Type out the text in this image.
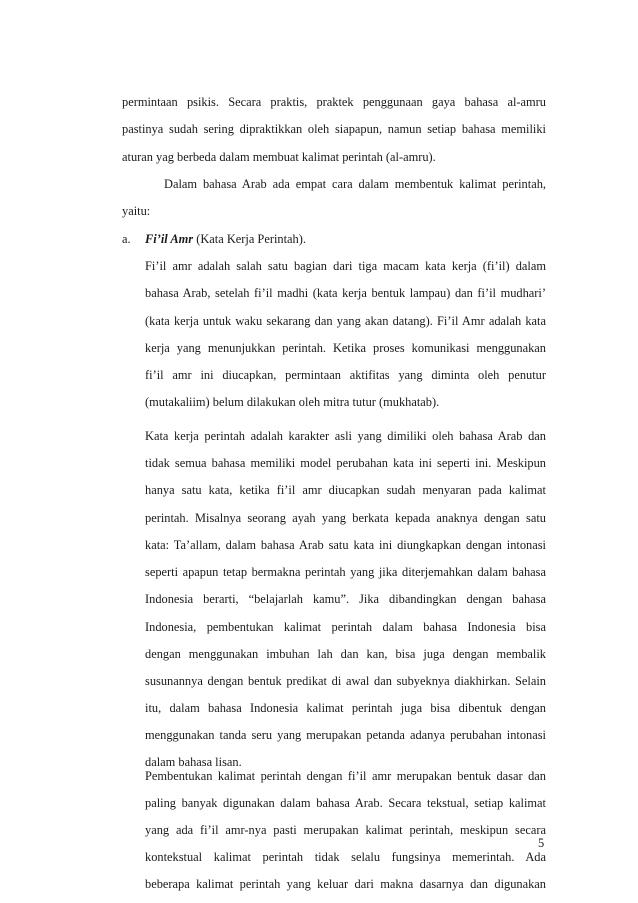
permintaan psikis. Secara praktis, praktek penggunaan gaya bahasa al-amru
pastinya sudah sering dipraktikkan oleh siapapun, namun setiap bahasa memiliki
aturan yag berbeda dalam membuat kalimat perintah (al-amru).
Dalam bahasa Arab ada empat cara dalam membentuk kalimat perintah,
yaitu:
a. Fi’il Amr (Kata Kerja Perintah).
Fi’il amr adalah salah satu bagian dari tiga macam kata kerja (fi’il) dalam
bahasa Arab, setelah fi’il madhi (kata kerja bentuk lampau) dan fi’il mudhari’
(kata kerja untuk waku sekarang dan yang akan datang). Fi’il Amr adalah kata
kerja yang menunjukkan perintah. Ketika proses komunikasi menggunakan
fi’il amr ini diucapkan, permintaan aktifitas yang diminta oleh penutur
(mutakaliim) belum dilakukan oleh mitra tutur (mukhatab).
Kata kerja perintah adalah karakter asli yang dimiliki oleh bahasa Arab dan
tidak semua bahasa memiliki model perubahan kata ini seperti ini. Meskipun
hanya satu kata, ketika fi’il amr diucapkan sudah menyaran pada kalimat
perintah. Misalnya seorang ayah yang berkata kepada anaknya dengan satu
kata: Ta’allam, dalam bahasa Arab satu kata ini diungkapkan dengan intonasi
seperti apapun tetap bermakna perintah yang jika diterjemahkan dalam bahasa
Indonesia berarti, “belajarlah kamu”. Jika dibandingkan dengan bahasa
Indonesia, pembentukan kalimat perintah dalam bahasa Indonesia bisa
dengan menggunakan imbuhan lah dan kan, bisa juga dengan membalik
susunannya dengan bentuk predikat di awal dan subyeknya diakhirkan. Selain
itu, dalam bahasa Indonesia kalimat perintah juga bisa dibentuk dengan
menggunakan tanda seru yang merupakan petanda adanya perubahan intonasi
dalam bahasa lisan.
Pembentukan kalimat perintah dengan fi’il amr merupakan bentuk dasar dan
paling banyak digunakan dalam bahasa Arab. Secara tekstual, setiap kalimat
yang ada fi’il amr-nya pasti merupakan kalimat perintah, meskipun secara
kontekstual kalimat perintah tidak selalu fungsinya memerintah. Ada
beberapa kalimat perintah yang keluar dari makna dasarnya dan digunakan
5
